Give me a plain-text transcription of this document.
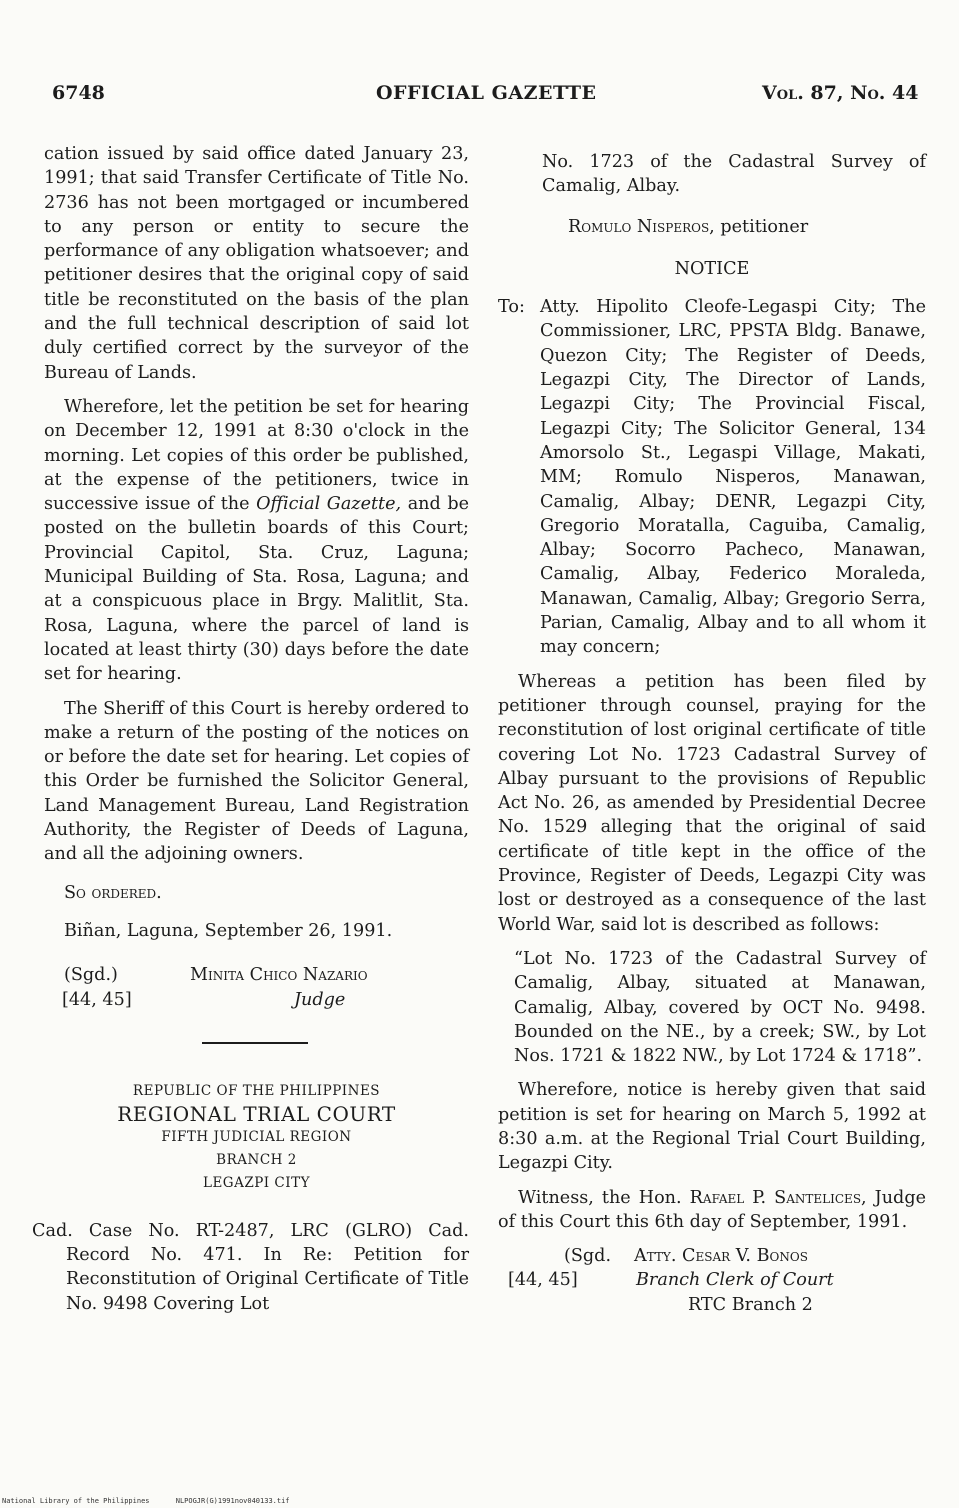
6748	OFFICIAL GAZETTE	Vol. 87, No. 44

cation issued by said office dated January 23, 1991; that said Transfer Certificate of Title No. 2736 has not been mortgaged or incumbered to any person or entity to secure the performance of any obligation whatsoever; and petitioner desires that the original copy of said title be reconstituted on the basis of the plan and the full technical description of said lot duly certified correct by the surveyor of the Bureau of Lands.

Wherefore, let the petition be set for hearing on December 12, 1991 at 8:30 o'clock in the morning. Let copies of this order be published, at the expense of the petitioners, twice in successive issue of the Official Gazette, and be posted on the bulletin boards of this Court; Provincial Capitol, Sta. Cruz, Laguna; Municipal Building of Sta. Rosa, Laguna; and at a conspicuous place in Brgy. Malitlit, Sta. Rosa, Laguna, where the parcel of land is located at least thirty (30) days before the date set for hearing.

The Sheriff of this Court is hereby ordered to make a return of the posting of the notices on or before the date set for hearing. Let copies of this Order be furnished the Solicitor General, Land Management Bureau, Land Registration Authority, the Register of Deeds of Laguna, and all the adjoining owners.

So ordered.

Biñan, Laguna, September 26, 1991.

(Sgd.)	Minita Chico Nazario
[44, 45]	Judge
REPUBLIC OF THE PHILIPPINES
REGIONAL TRIAL COURT
FIFTH JUDICIAL REGION
BRANCH 2
LEGAZPI CITY
Cad. Case No. RT-2487, LRC (GLRO) Cad. Record No. 471. In Re: Petition for Reconstitution of Original Certificate of Title No. 9498 Covering Lot

No. 1723 of the Cadastral Survey of Camalig, Albay.

Romulo Nisperos, petitioner

NOTICE

To: Atty. Hipolito Cleofe-Legaspi City; The Commissioner, LRC, PPSTA Bldg. Banawe, Quezon City; The Register of Deeds, Legazpi City, The Director of Lands, Legazpi City; The Provincial Fiscal, Legazpi City; The Solicitor General, 134 Amorsolo St., Legaspi Village, Makati, MM; Romulo Nisperos, Manawan, Camalig, Albay; DENR, Legazpi City, Gregorio Moratalla, Caguiba, Camalig, Albay; Socorro Pacheco, Manawan, Camalig, Albay, Federico Moraleda, Manawan, Camalig, Albay; Gregorio Serra, Parian, Camalig, Albay and to all whom it may concern;

Whereas a petition has been filed by petitioner through counsel, praying for the reconstitution of lost original certificate of title covering Lot No. 1723 Cadastral Survey of Albay pursuant to the provisions of Republic Act No. 26, as amended by Presidential Decree No. 1529 alleging that the original of said certificate of title kept in the office of the Province, Register of Deeds, Legazpi City was lost or destroyed as a consequence of the last World War, said lot is described as follows:

“Lot No. 1723 of the Cadastral Survey of Camalig, Albay, situated at Manawan, Camalig, Albay, covered by OCT No. 9498. Bounded on the NE., by a creek; SW., by Lot Nos. 1721 & 1822 NW., by Lot 1724 & 1718”.

Wherefore, notice is hereby given that said petition is set for hearing on March 5, 1992 at 8:30 a.m. at the Regional Trial Court Building, Legazpi City.

Witness, the Hon. Rafael P. Santelices, Judge of this Court this 6th day of September, 1991.

(Sgd.	Atty. Cesar V. Bonos
[44, 45]	Branch Clerk of Court
RTC Branch 2
National Library of the Philippines	NLPOGJR(G)1991nov040133.tif
